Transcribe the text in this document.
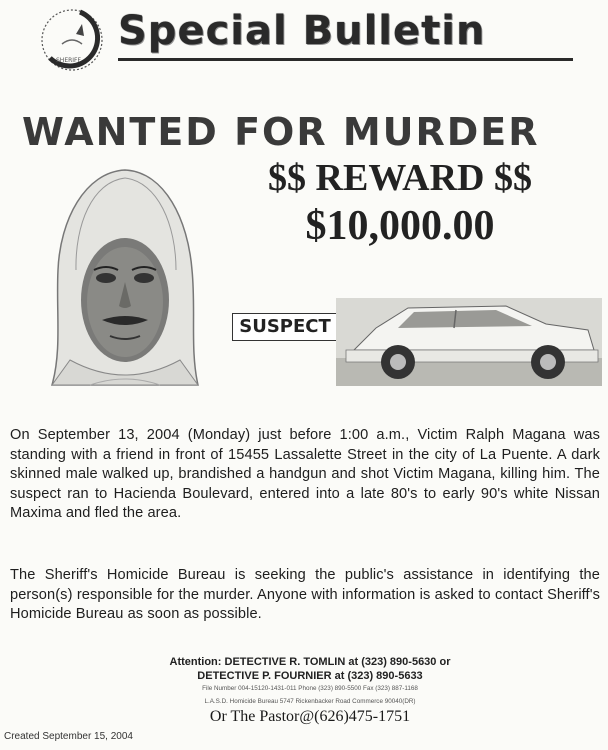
SHERIFF
Special Bulletin
WANTED FOR MURDER
$$ REWARD $$
$10,000.00
SUSPECT
On September 13, 2004 (Monday) just before 1:00 a.m., Victim Ralph Magana was standing with a friend in front of 15455 Lassalette Street in the city of La Puente. A dark skinned male walked up, brandished a handgun and shot Victim Magana, killing him. The suspect ran to Hacienda Boulevard, entered into a late 80's to early 90's white Nissan Maxima and fled the area.
The Sheriff's Homicide Bureau is seeking the public's assistance in identifying the person(s) responsible for the murder. Anyone with information is asked to contact Sheriff's Homicide Bureau as soon as possible.
Attention: DETECTIVE R. TOMLIN at (323) 890-5630 or
DETECTIVE P. FOURNIER at (323) 890-5633
File Number 004-15120-1431-011 Phone (323) 890-5500 Fax (323) 887-1168
L.A.S.D. Homicide Bureau 5747 Rickenbacker Road Commerce 90040(DR)
Or The Pastor@(626)475-1751
Created September 15, 2004
